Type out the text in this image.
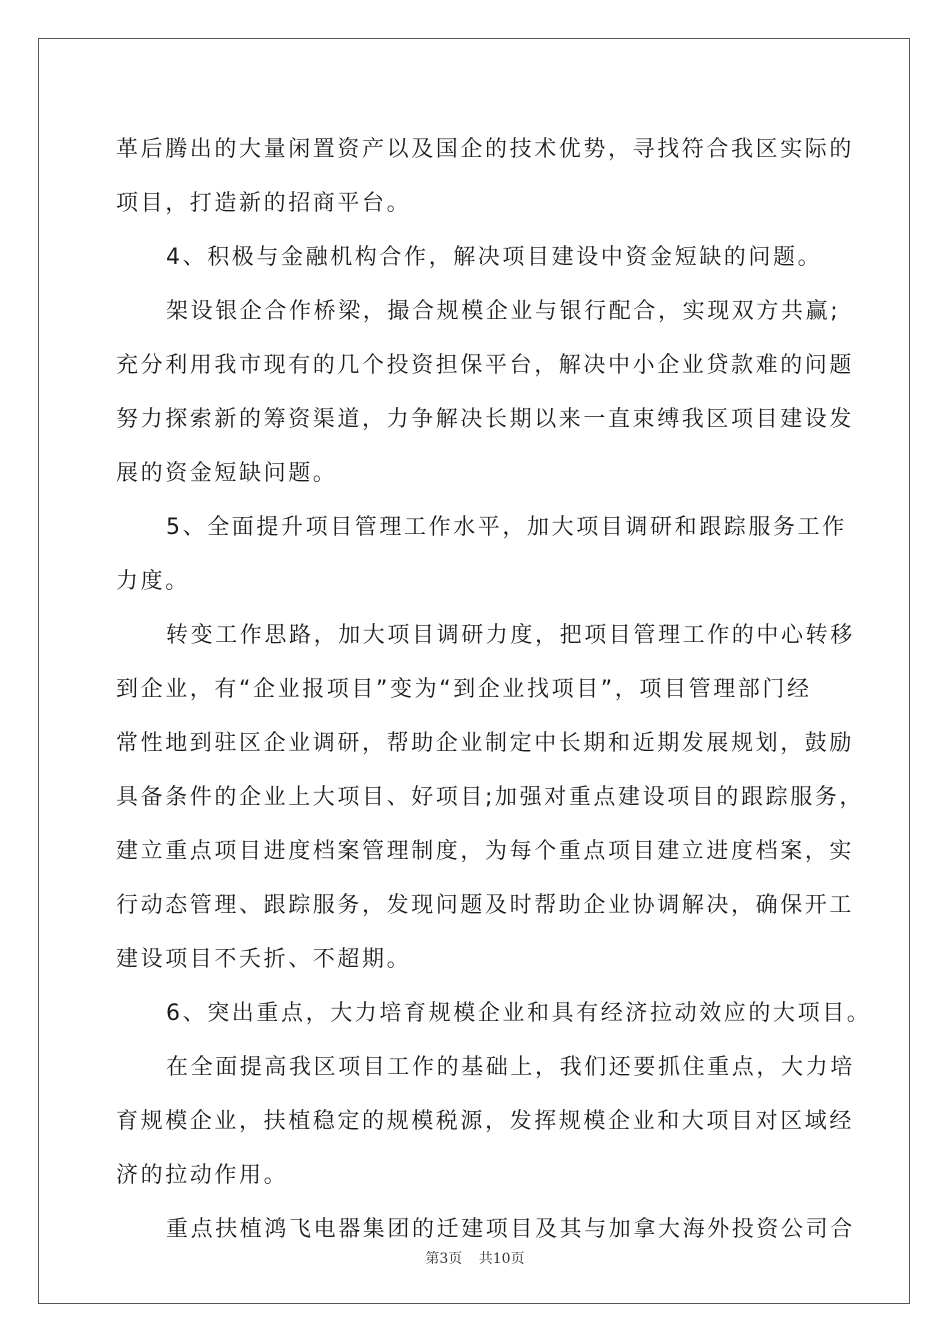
革后腾出的大量闲置资产以及国企的技术优势，寻找符合我区实际的
项目，打造新的招商平台。
4、积极与金融机构合作，解决项目建设中资金短缺的问题。
架设银企合作桥梁，撮合规模企业与银行配合，实现双方共赢;
充分利用我市现有的几个投资担保平台，解决中小企业贷款难的问题
努力探索新的筹资渠道，力争解决长期以来一直束缚我区项目建设发
展的资金短缺问题。
5、全面提升项目管理工作水平，加大项目调研和跟踪服务工作
力度。
转变工作思路，加大项目调研力度，把项目管理工作的中心转移
到企业，有“企业报项目”变为“到企业找项目”，项目管理部门经
常性地到驻区企业调研，帮助企业制定中长期和近期发展规划，鼓励
具备条件的企业上大项目、好项目;加强对重点建设项目的跟踪服务，
建立重点项目进度档案管理制度，为每个重点项目建立进度档案，实
行动态管理、跟踪服务，发现问题及时帮助企业协调解决，确保开工
建设项目不夭折、不超期。
6、突出重点，大力培育规模企业和具有经济拉动效应的大项目。
在全面提高我区项目工作的基础上，我们还要抓住重点，大力培
育规模企业，扶植稳定的规模税源，发挥规模企业和大项目对区域经
济的拉动作用。
重点扶植鸿飞电器集团的迁建项目及其与加拿大海外投资公司合
第3页 共10页
